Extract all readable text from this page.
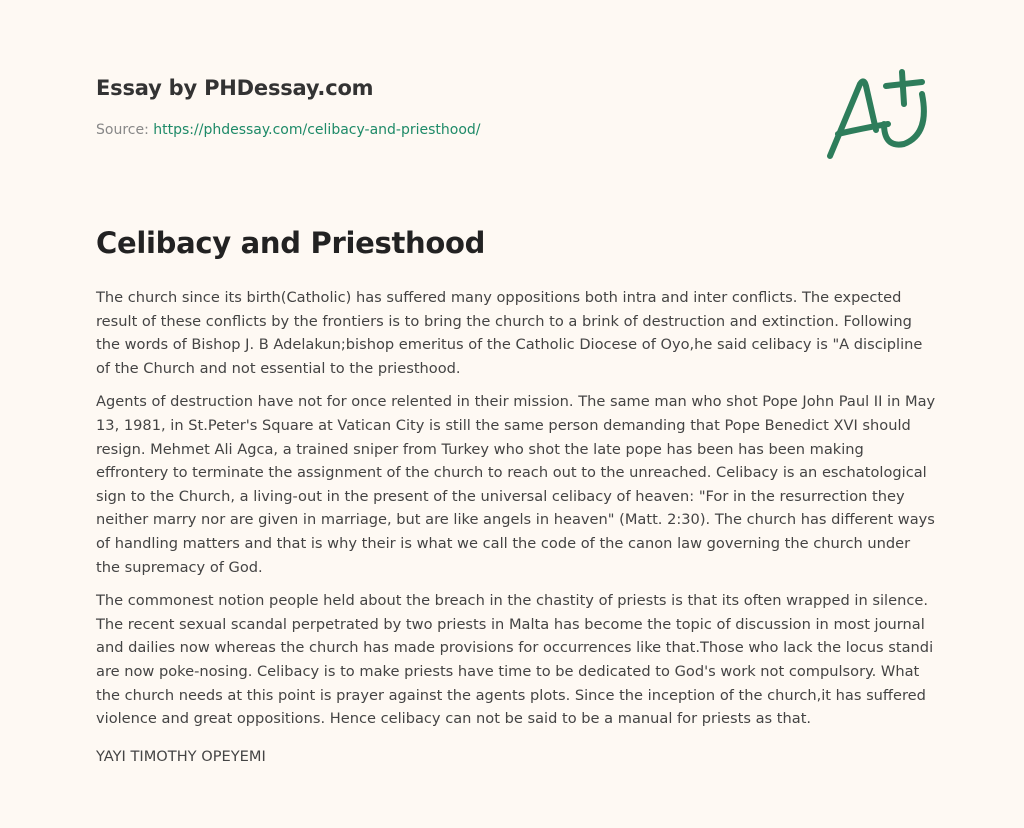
Essay by PHDessay.com
Source: https://phdessay.com/celibacy-and-priesthood/
Celibacy and Priesthood

The church since its birth(Catholic) has suffered many oppositions both intra and inter conflicts. The expected result of these conflicts by the frontiers is to bring the church to a brink of destruction and extinction. Following the words of Bishop J. B Adelakun;bishop emeritus of the Catholic Diocese of Oyo,he said celibacy is "A discipline of the Church and not essential to the priesthood.

Agents of destruction have not for once relented in their mission. The same man who shot Pope John Paul II in May 13, 1981, in St.Peter's Square at Vatican City is still the same person demanding that Pope Benedict XVI should resign. Mehmet Ali Agca, a trained sniper from Turkey who shot the late pope has been has been making effrontery to terminate the assignment of the church to reach out to the unreached. Celibacy is an eschatological sign to the Church, a living-out in the present of the universal celibacy of heaven: "For in the resurrection they neither marry nor are given in marriage, but are like angels in heaven" (Matt. 2:30). The church has different ways of handling matters and that is why their is what we call the code of the canon law governing the church under the supremacy of God.

The commonest notion people held about the breach in the chastity of priests is that its often wrapped in silence. The recent sexual scandal perpetrated by two priests in Malta has become the topic of discussion in most journal and dailies now whereas the church has made provisions for occurrences like that.Those who lack the locus standi are now poke-nosing. Celibacy is to make priests have time to be dedicated to God's work not compulsory. What the church needs at this point is prayer against the agents plots. Since the inception of the church,it has suffered violence and great oppositions. Hence celibacy can not be said to be a manual for priests as that.

YAYI TIMOTHY OPEYEMI
